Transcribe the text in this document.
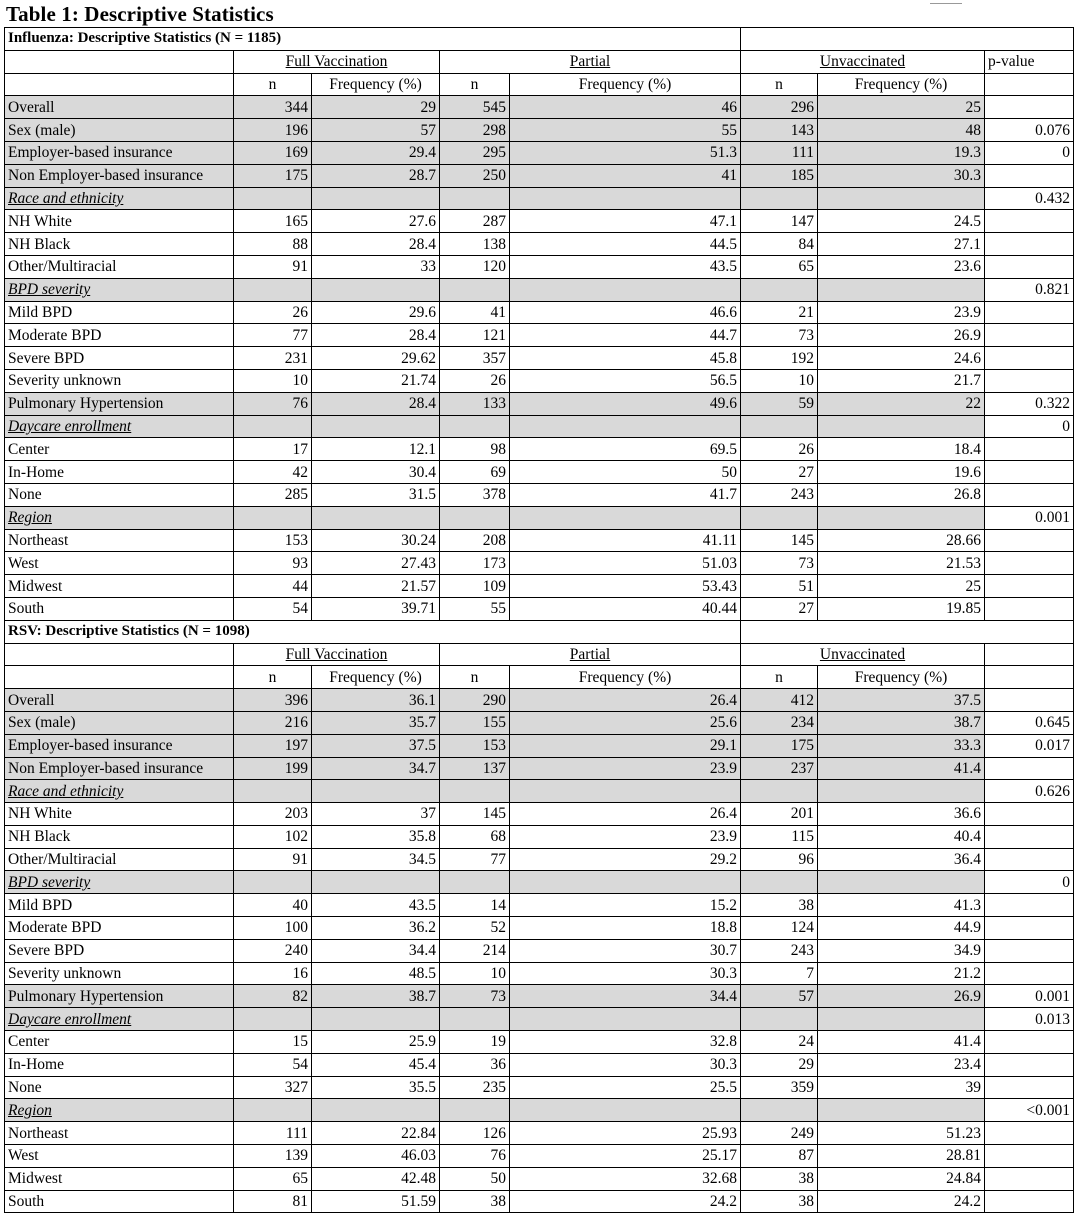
Table 1: Descriptive Statistics
Influenza: Descriptive Statistics (N = 1185)							
	Full Vaccination		Partial		Unvaccinated		p-value
	n	Frequency (%)	n	Frequency (%)	n	Frequency (%)	
Overall	344	29	545	46	296	25	
Sex (male)	196	57	298	55	143	48	0.076
Employer-based insurance	169	29.4	295	51.3	111	19.3	0
Non Employer-based insurance	175	28.7	250	41	185	30.3	
Race and ethnicity							0.432
NH White	165	27.6	287	47.1	147	24.5	
NH Black	88	28.4	138	44.5	84	27.1	
Other/Multiracial	91	33	120	43.5	65	23.6	
BPD severity							0.821
Mild BPD	26	29.6	41	46.6	21	23.9	
Moderate BPD	77	28.4	121	44.7	73	26.9	
Severe BPD	231	29.62	357	45.8	192	24.6	
Severity unknown	10	21.74	26	56.5	10	21.7	
Pulmonary Hypertension	76	28.4	133	49.6	59	22	0.322
Daycare enrollment							0
Center	17	12.1	98	69.5	26	18.4	
In-Home	42	30.4	69	50	27	19.6	
None	285	31.5	378	41.7	243	26.8	
Region							0.001
Northeast	153	30.24	208	41.11	145	28.66	
West	93	27.43	173	51.03	73	21.53	
Midwest	44	21.57	109	53.43	51	25	
South	54	39.71	55	40.44	27	19.85	
RSV: Descriptive Statistics (N = 1098)							
	Full Vaccination		Partial		Unvaccinated		
	n	Frequency (%)	n	Frequency (%)	n	Frequency (%)	
Overall	396	36.1	290	26.4	412	37.5	
Sex (male)	216	35.7	155	25.6	234	38.7	0.645
Employer-based insurance	197	37.5	153	29.1	175	33.3	0.017
Non Employer-based insurance	199	34.7	137	23.9	237	41.4	
Race and ethnicity							0.626
NH White	203	37	145	26.4	201	36.6	
NH Black	102	35.8	68	23.9	115	40.4	
Other/Multiracial	91	34.5	77	29.2	96	36.4	
BPD severity							0
Mild BPD	40	43.5	14	15.2	38	41.3	
Moderate BPD	100	36.2	52	18.8	124	44.9	
Severe BPD	240	34.4	214	30.7	243	34.9	
Severity unknown	16	48.5	10	30.3	7	21.2	
Pulmonary Hypertension	82	38.7	73	34.4	57	26.9	0.001
Daycare enrollment							0.013
Center	15	25.9	19	32.8	24	41.4	
In-Home	54	45.4	36	30.3	29	23.4	
None	327	35.5	235	25.5	359	39	
Region							<0.001
Northeast	111	22.84	126	25.93	249	51.23	
West	139	46.03	76	25.17	87	28.81	
Midwest	65	42.48	50	32.68	38	24.84	
South	81	51.59	38	24.2	38	24.2	
